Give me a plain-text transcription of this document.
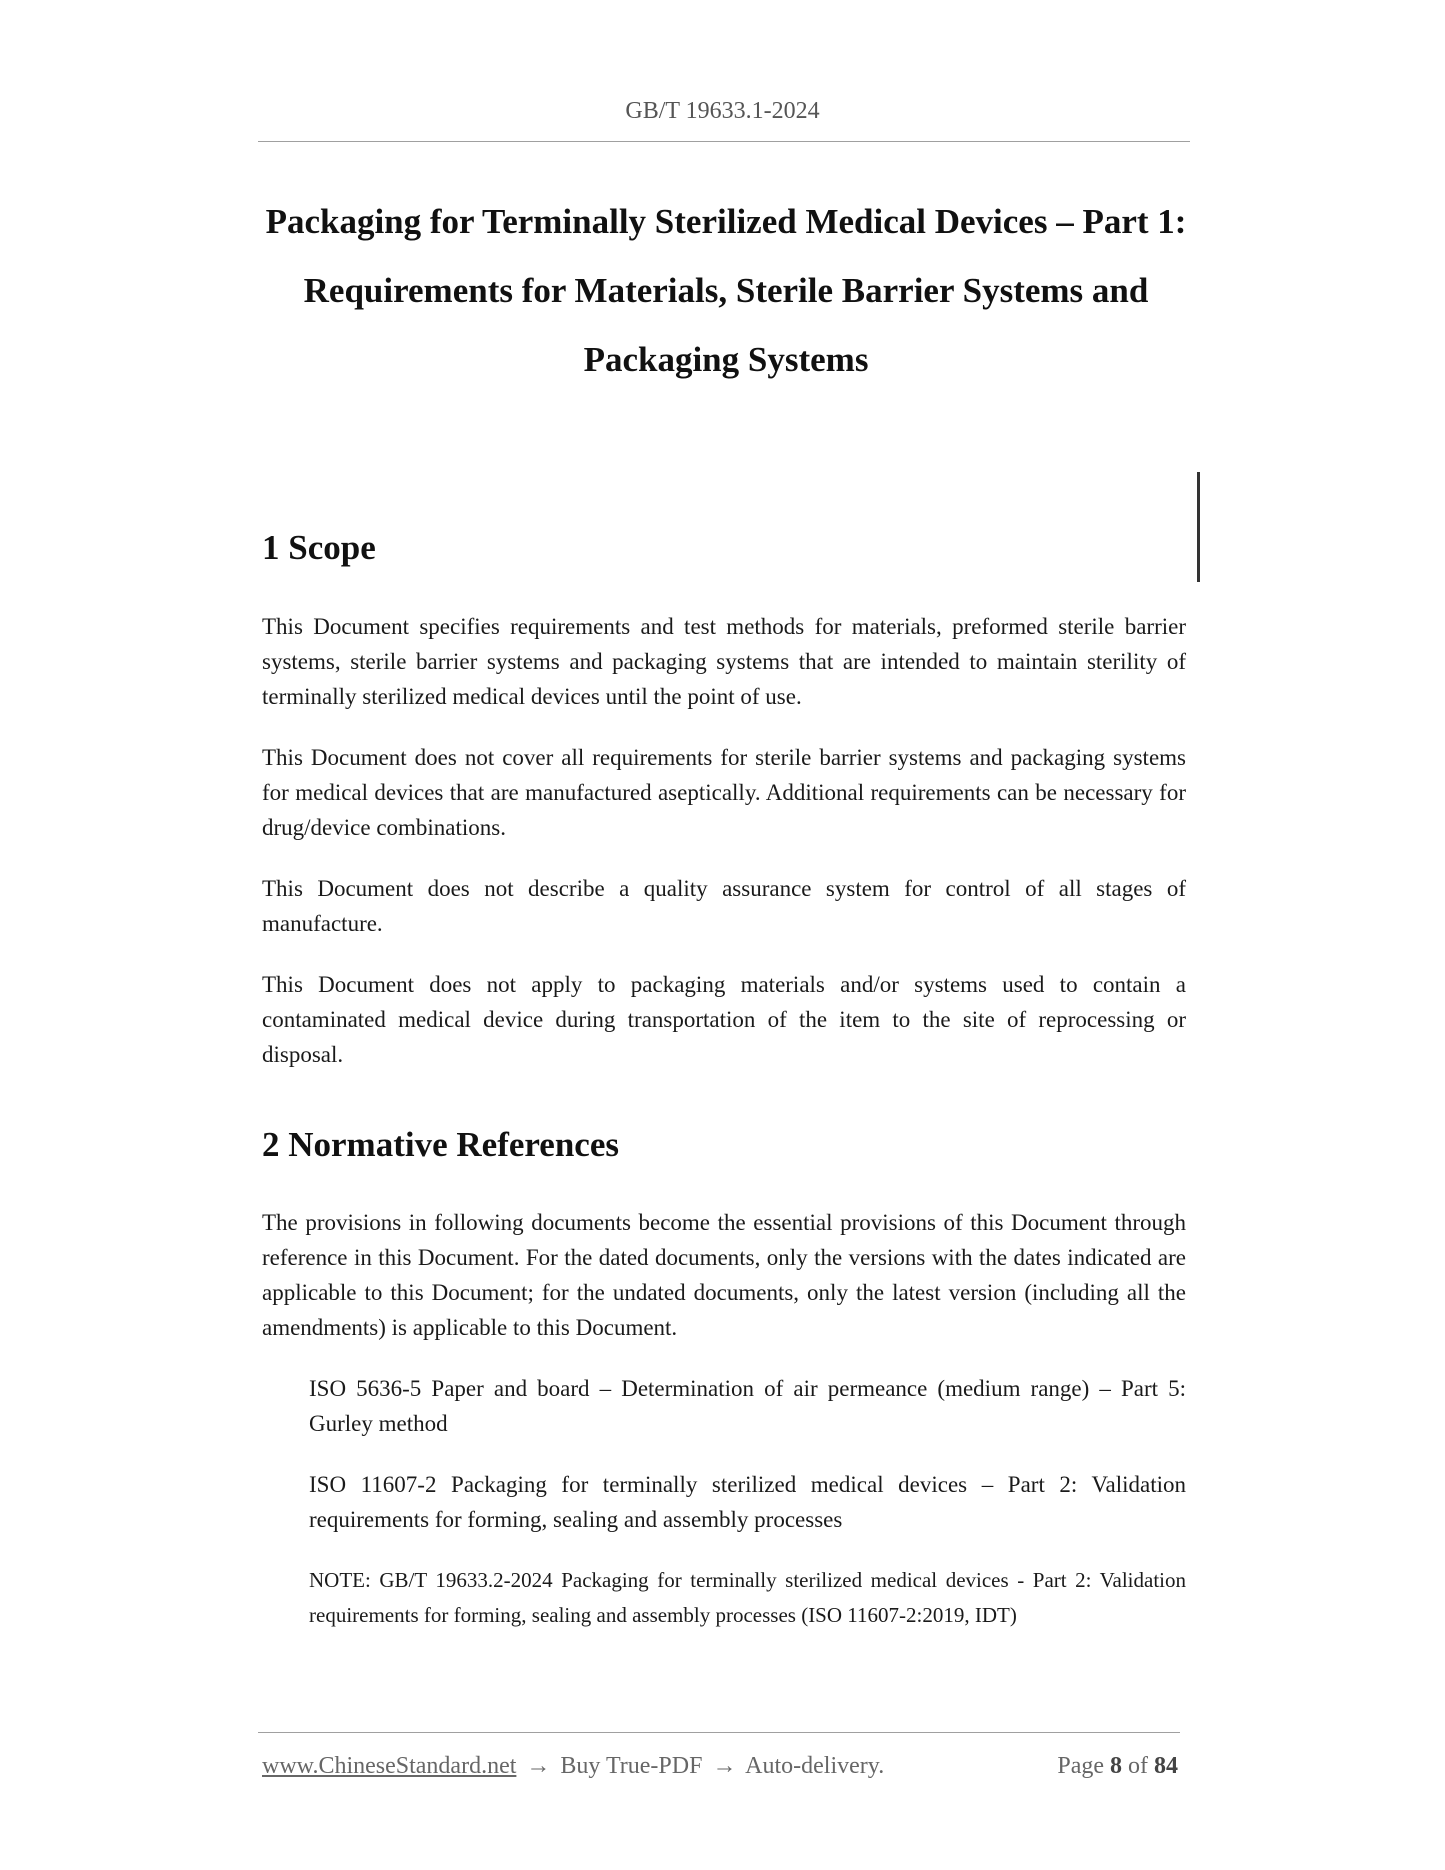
GB/T 19633.1-2024
Packaging for Terminally Sterilized Medical Devices – Part 1: Requirements for Materials, Sterile Barrier Systems and Packaging Systems
1 Scope

This Document specifies requirements and test methods for materials, preformed sterile barrier systems, sterile barrier systems and packaging systems that are intended to maintain sterility of terminally sterilized medical devices until the point of use.

This Document does not cover all requirements for sterile barrier systems and packaging systems for medical devices that are manufactured aseptically. Additional requirements can be necessary for drug/device combinations.

This Document does not describe a quality assurance system for control of all stages of manufacture.

This Document does not apply to packaging materials and/or systems used to contain a contaminated medical device during transportation of the item to the site of reprocessing or disposal.

2 Normative References

The provisions in following documents become the essential provisions of this Document through reference in this Document. For the dated documents, only the versions with the dates indicated are applicable to this Document; for the undated documents, only the latest version (including all the amendments) is applicable to this Document.

ISO 5636-5 Paper and board – Determination of air permeance (medium range) – Part 5: Gurley method

ISO 11607-2 Packaging for terminally sterilized medical devices – Part 2: Validation requirements for forming, sealing and assembly processes

NOTE: GB/T 19633.2-2024 Packaging for terminally sterilized medical devices - Part 2: Validation requirements for forming, sealing and assembly processes (ISO 11607-2:2019, IDT)

www.ChineseStandard.net → Buy True-PDF → Auto-delivery.	Page 8 of 84
